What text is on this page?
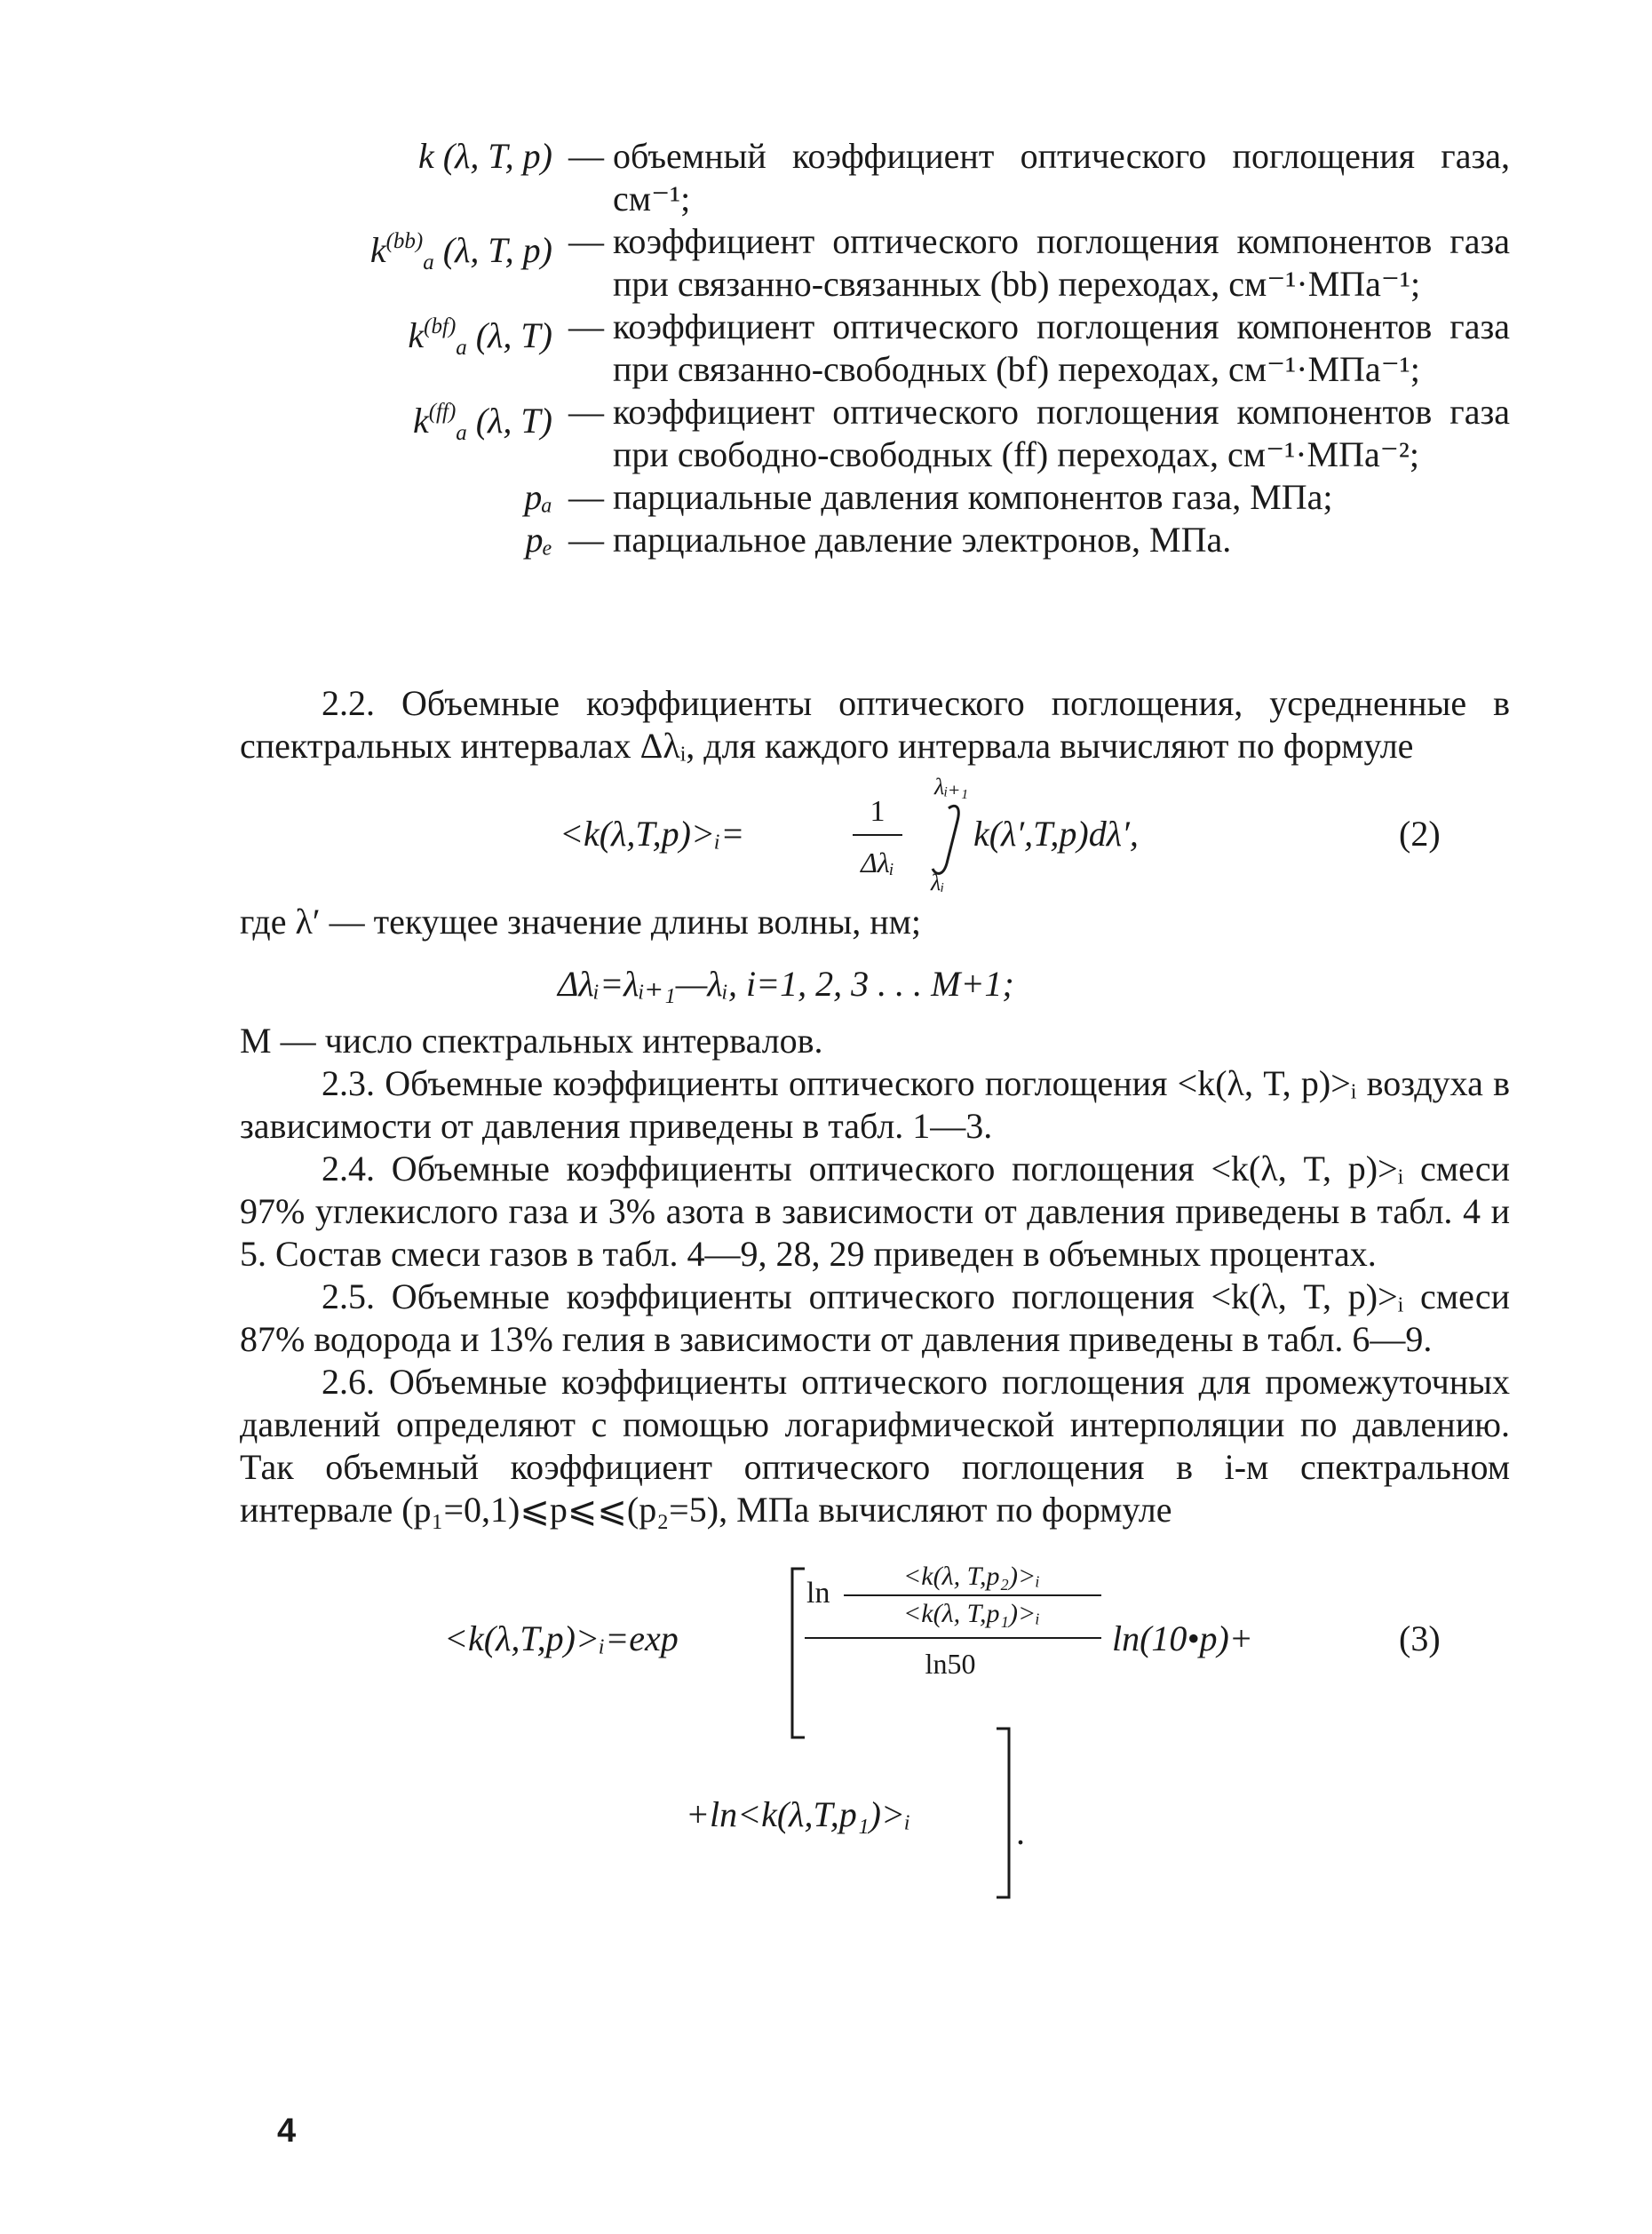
k (λ, T, p) — объемный коэффициент оптического поглощения газа, см⁻¹;
$k^{(bb)}_a$ (λ, T, p) — коэффициент оптического поглощения компонентов газа при связанно-связанных (bb) переходах, см⁻¹·МПа⁻¹;
$k^{(bf)}_a$ (λ, T) — коэффициент оптического поглощения компонентов газа при связанно-свободных (bf) переходах, см⁻¹·МПа⁻¹;
$k^{(ff)}_a$ (λ, T) — коэффициент оптического поглощения компонентов газа при свободно-свободных (ff) переходах, см⁻¹·МПа⁻²;
pₐ — парциальные давления компонентов газа, МПа;
pₑ — парциальное давление электронов, МПа.

2.2. Объемные коэффициенты оптического поглощения, усредненные в спектральных интервалах Δλᵢ, для каждого интервала вычисляют по формуле

<k(λ,T,p)>ᵢ=
1
Δλᵢ
λᵢ₊₁
λᵢ
k(λ′,T,p)dλ′,	(2)

где λ′ — текущее значение длины волны, нм;

Δλᵢ=λᵢ₊₁—λᵢ, i=1, 2, 3 . . . M+1;

M — число спектральных интервалов.

2.3. Объемные коэффициенты оптического поглощения <k(λ, T, p)>ᵢ воздуха в зависимости от давления приведены в табл. 1—3.

2.4. Объемные коэффициенты оптического поглощения <k(λ, T, p)>ᵢ смеси 97% углекислого газа и 3% азота в зависимости от давления приведены в табл. 4 и 5. Состав смеси газов в табл. 4—9, 28, 29 приведен в объемных процентах.

2.5. Объемные коэффициенты оптического поглощения <k(λ, T, p)>ᵢ смеси 87% водорода и 13% гелия в зависимости от давления приведены в табл. 6—9.

2.6. Объемные коэффициенты оптического поглощения для промежуточных давлений определяют с помощью логарифмической интерполяции по давлению. Так объемный коэффициент оптического поглощения в i-м спектральном интервале (p₁=0,1)⩽p⩽⩽(p₂=5), МПа вычисляют по формуле

<k(λ,T,p)>ᵢ=exp
ln
<k(λ, T,p₂)>ᵢ
<k(λ, T,p₁)>ᵢ
ln50
ln(10•p)+	(3)
+ln<k(λ,T,p₁)>ᵢ	.
4
